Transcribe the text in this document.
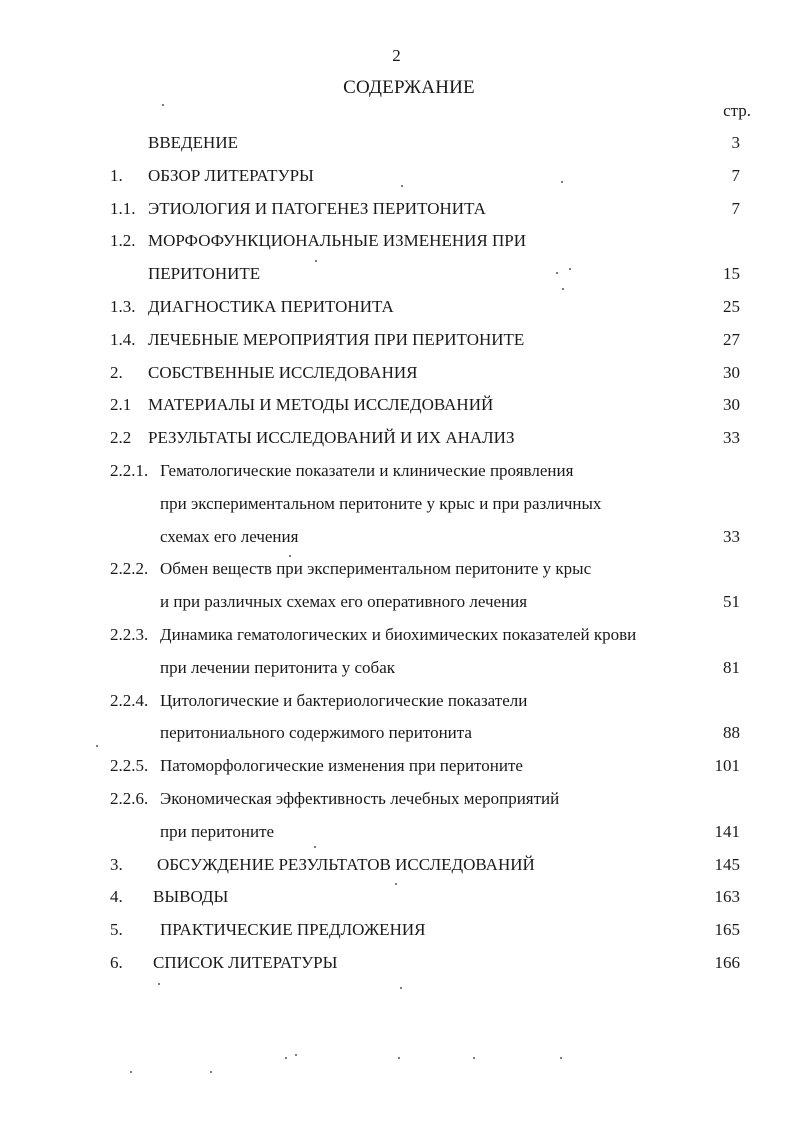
2
СОДЕРЖАНИЕ
стр.
ВВЕДЕНИЕ	3
1. ОБЗОР ЛИТЕРАТУРЫ	7
1.1. ЭТИОЛОГИЯ И ПАТОГЕНЕЗ ПЕРИТОНИТА	7
1.2. МОРФОФУНКЦИОНАЛЬНЫЕ ИЗМЕНЕНИЯ ПРИ
ПЕРИТОНИТЕ	15
1.3. ДИАГНОСТИКА ПЕРИТОНИТА	25
1.4. ЛЕЧЕБНЫЕ МЕРОПРИЯТИЯ ПРИ ПЕРИТОНИТЕ	27
2. СОБСТВЕННЫЕ ИССЛЕДОВАНИЯ	30
2.1 МАТЕРИАЛЫ И МЕТОДЫ ИССЛЕДОВАНИЙ	30
2.2 РЕЗУЛЬТАТЫ ИССЛЕДОВАНИЙ И ИХ АНАЛИЗ	33
2.2.1. Гематологические показатели и клинические проявления
при экспериментальном перитоните у крыс и при различных
схемах его лечения	33
2.2.2. Обмен веществ при экспериментальном перитоните у крыс
и при различных схемах его оперативного лечения	51
2.2.3. Динамика гематологических и биохимических показателей крови
при лечении перитонита у собак	81
2.2.4. Цитологические и бактериологические показатели
перитониального содержимого перитонита	88
2.2.5. Патоморфологические изменения при перитоните	101
2.2.6. Экономическая эффективность лечебных мероприятий
при перитоните	141
3. ОБСУЖДЕНИЕ РЕЗУЛЬТАТОВ ИССЛЕДОВАНИЙ	145
4. ВЫВОДЫ	163
5. ПРАКТИЧЕСКИЕ ПРЕДЛОЖЕНИЯ	165
6. СПИСОК ЛИТЕРАТУРЫ	166
